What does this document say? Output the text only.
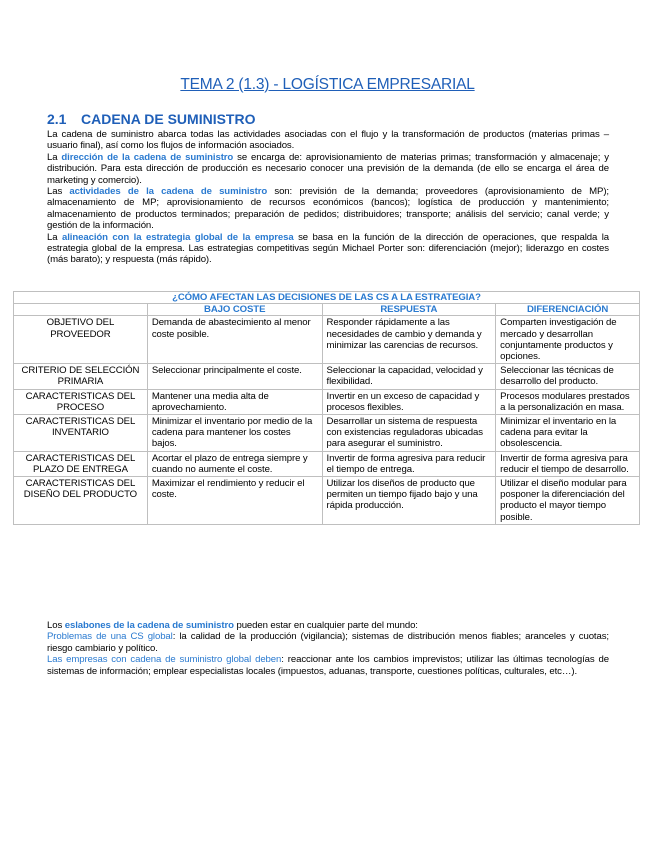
TEMA 2 (1.3) - LOGÍSTICA EMPRESARIAL
2.1 CADENA DE SUMINISTRO

La cadena de suministro abarca todas las actividades asociadas con el flujo y la transformación de productos (materias primas – usuario final), así como los flujos de información asociados.

La dirección de la cadena de suministro se encarga de: aprovisionamiento de materias primas; transformación y almacenaje; y distribución. Para esta dirección de producción es necesario conocer una previsión de la demanda (de ello se encarga el área de marketing y comercio).

Las actividades de la cadena de suministro son: previsión de la demanda; proveedores (aprovisionamiento de MP); almacenamiento de MP; aprovisionamiento de recursos económicos (bancos); logística de producción y mantenimiento; almacenamiento de productos terminados; preparación de pedidos; distribuidores; transporte; análisis del servicio; canal verde; y gestión de la información.

La alineación con la estrategia global de la empresa se basa en la función de la dirección de operaciones, que respalda la estrategia global de la empresa. Las estrategias competitivas según Michael Porter son: diferenciación (mejor); liderazgo en costes (más barato); y respuesta (más rápido).

¿CÓMO AFECTAN LAS DECISIONES DE LAS CS A LA ESTRATEGIA?			
	BAJO COSTE	RESPUESTA	DIFERENCIACIÓN
OBJETIVO DEL PROVEEDOR	Demanda de abastecimiento al menor coste posible.	Responder rápidamente a las necesidades de cambio y demanda y minimizar las carencias de recursos.	Comparten investigación de mercado y desarrollan conjuntamente productos y opciones.
CRITERIO DE SELECCIÓN PRIMARIA	Seleccionar principalmente el coste.	Seleccionar la capacidad, velocidad y flexibilidad.	Seleccionar las técnicas de desarrollo del producto.
CARACTERISTICAS DEL PROCESO	Mantener una media alta de aprovechamiento.	Invertir en un exceso de capacidad y procesos flexibles.	Procesos modulares prestados a la personalización en masa.
CARACTERISTICAS DEL INVENTARIO	Minimizar el inventario por medio de la cadena para mantener los costes bajos.	Desarrollar un sistema de respuesta con existencias reguladoras ubicadas para asegurar el suministro.	Minimizar el inventario en la cadena para evitar la obsolescencia.
CARACTERISTICAS DEL PLAZO DE ENTREGA	Acortar el plazo de entrega siempre y cuando no aumente el coste.	Invertir de forma agresiva para reducir el tiempo de entrega.	Invertir de forma agresiva para reducir el tiempo de desarrollo.
CARACTERISTICAS DEL DISEÑO DEL PRODUCTO	Maximizar el rendimiento y reducir el coste.	Utilizar los diseños de producto que permiten un tiempo fijado bajo y una rápida producción.	Utilizar el diseño modular para posponer la diferenciación del producto el mayor tiempo posible.

Los eslabones de la cadena de suministro pueden estar en cualquier parte del mundo:

Problemas de una CS global: la calidad de la producción (vigilancia); sistemas de distribución menos fiables; aranceles y cuotas; riesgo cambiario y político.

Las empresas con cadena de suministro global deben: reaccionar ante los cambios imprevistos; utilizar las últimas tecnologías de sistemas de información; emplear especialistas locales (impuestos, aduanas, transporte, cuestiones políticas, culturales, etc…).
